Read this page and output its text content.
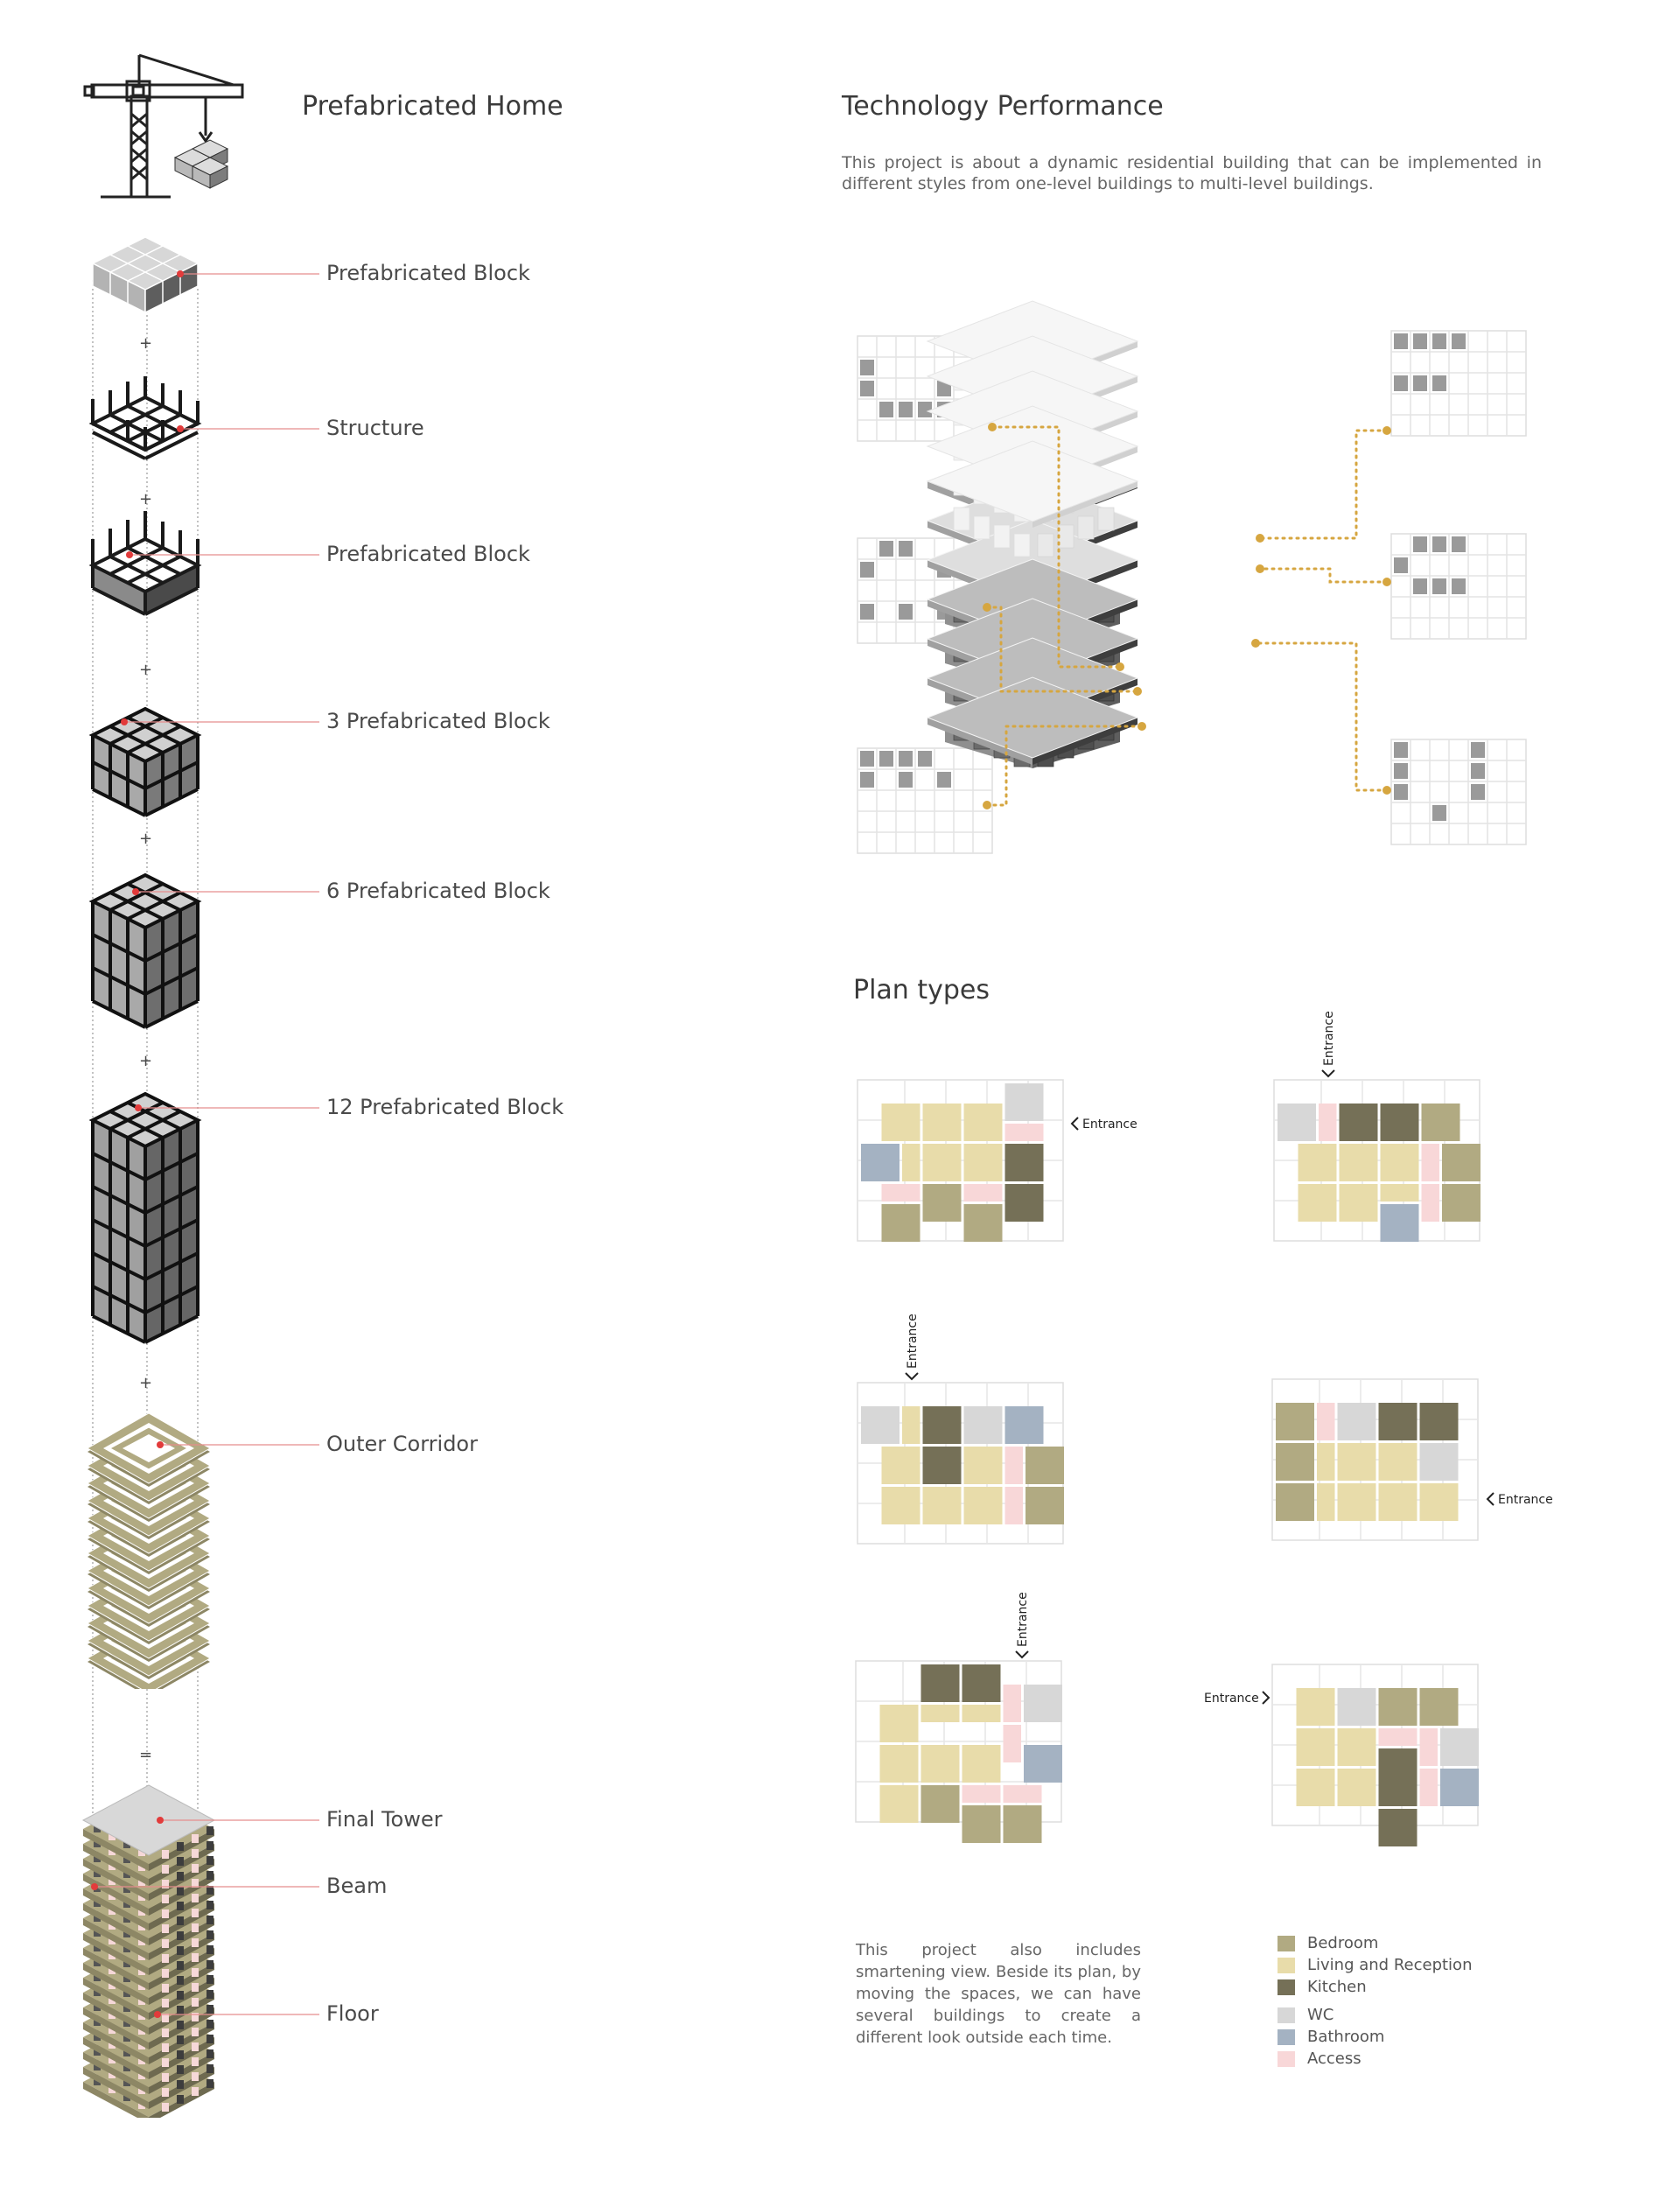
Prefabricated Home
+
+
+
+
+
+
=
Prefabricated Block
Structure
Prefabricated Block
3 Prefabricated Block
6 Prefabricated Block
12 Prefabricated Block
Outer Corridor
Final Tower
Beam
Floor
Technology Performance
This project is about a dynamic residential building that can be implemented in different styles from one-level buildings to multi-level buildings.
Plan types
Entrance
Entrance
Entrance
Entrance
Entrance
Entrance
This project also includes smartening view. Beside its plan, by moving the spaces, we can have several buildings to create a different look outside each time.
Bedroom
Living and Reception
Kitchen
WC
Bathroom
Access
